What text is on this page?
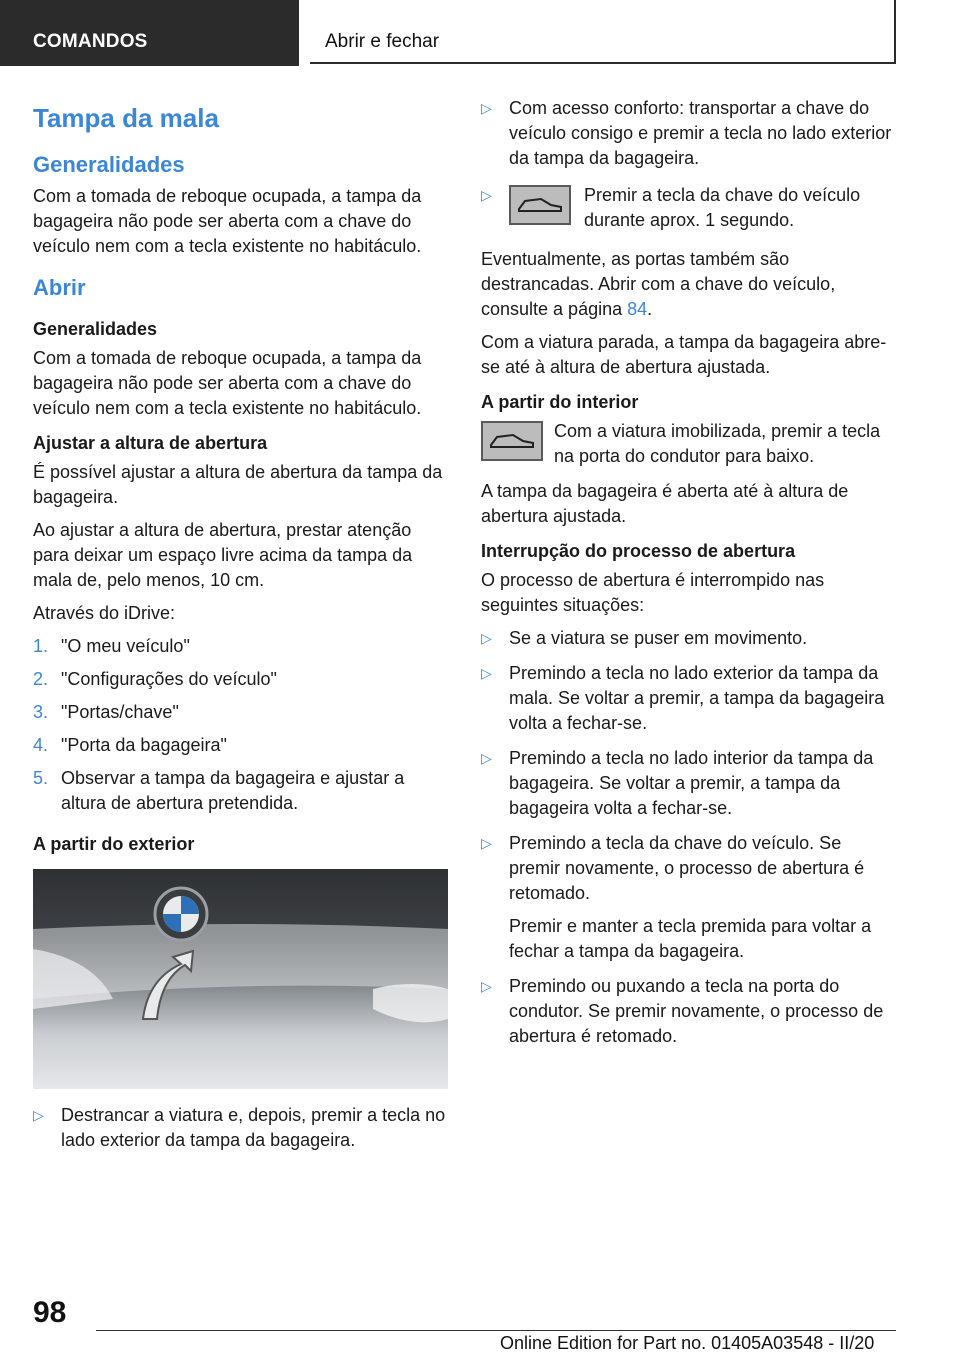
COMANDOS	Abrir e fechar
Tampa da mala
Generalidades

Com a tomada de reboque ocupada, a tampa da bagageira não pode ser aberta com a chave do veículo nem com a tecla existente no habitáculo.

Abrir
Generalidades

Com a tomada de reboque ocupada, a tampa da bagageira não pode ser aberta com a chave do veículo nem com a tecla existente no habitáculo.

Ajustar a altura de abertura

É possível ajustar a altura de abertura da tampa da bagageira.

Ao ajustar a altura de abertura, prestar atenção para deixar um espaço livre acima da tampa da mala de, pelo menos, 10 cm.

Através do iDrive:

1. "O meu veículo"
2. "Configurações do veículo"
3. "Portas/chave"
4. "Porta da bagageira"
5. Observar a tampa da bagageira e ajustar a altura de abertura pretendida.
A partir do exterior
▷ Destrancar a viatura e, depois, premir a tecla no lado exterior da tampa da bagageira.
▷ Com acesso conforto: transportar a chave do veículo consigo e premir a tecla no lado exterior da tampa da bagageira.
▷	Premir a tecla da chave do veículo durante aprox. 1 segundo.

Eventualmente, as portas também são destrancadas. Abrir com a chave do veículo, consulte a página 84.

Com a viatura parada, a tampa da bagageira abre-se até à altura de abertura ajustada.

A partir do interior
Com a viatura imobilizada, premir a tecla na porta do condutor para baixo.

A tampa da bagageira é aberta até à altura de abertura ajustada.

Interrupção do processo de abertura

O processo de abertura é interrompido nas seguintes situações:

▷ Se a viatura se puser em movimento.
▷ Premindo a tecla no lado exterior da tampa da mala. Se voltar a premir, a tampa da bagageira volta a fechar-se.
▷ Premindo a tecla no lado interior da tampa da bagageira. Se voltar a premir, a tampa da bagageira volta a fechar-se.
▷ Premindo a tecla da chave do veículo. Se premir novamente, o processo de abertura é retomado.
Premir e manter a tecla premida para voltar a fechar a tampa da bagageira.
▷ Premindo ou puxando a tecla na porta do condutor. Se premir novamente, o processo de abertura é retomado.
98
Online Edition for Part no. 01405A03548 - II/20
